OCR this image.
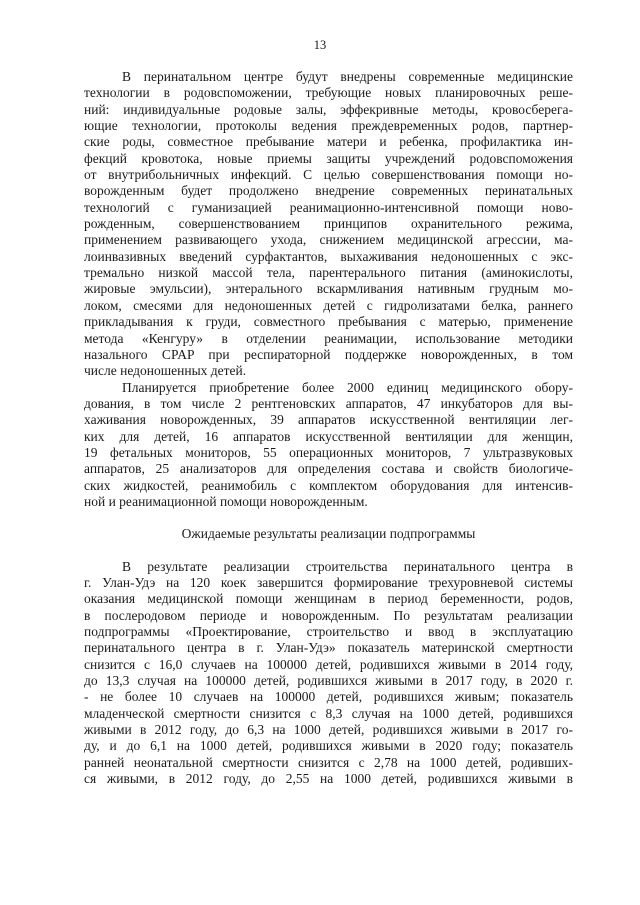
13
В перинатальном центре будут внедрены современные медицинские
технологии в родовспоможении, требующие новых планировочных реше-
ний: индивидуальные родовые залы, эффекривные методы, кровосберега-
ющие технологии, протоколы ведения преждевременных родов, партнер-
ские роды, совместное пребывание матери и ребенка, профилактика ин-
фекций кровотока, новые приемы защиты учреждений родовспоможения
от внутрибольничных инфекций. С целью совершенствования помощи но-
ворожденным будет продолжено внедрение современных перинатальных
технологий с гуманизацией реанимационно-интенсивной помощи ново-
рожденным, совершенствованием принципов охранительного режима,
применением развивающего ухода, снижением медицинской агрессии, ма-
лоинвазивных введений сурфактантов, выхаживания недоношенных с экс-
тремально низкой массой тела, парентерального питания (аминокислоты,
жировые эмульсии), энтерального вскармливания нативным грудным мо-
локом, смесями для недоношенных детей с гидролизатами белка, раннего
прикладывания к груди, совместного пребывания с матерью, применение
метода «Кенгуру» в отделении реанимации, использование методики
назального CPAP при респираторной поддержке новорожденных, в том
числе недоношенных детей.
Планируется приобретение более 2000 единиц медицинского обору-
дования, в том числе 2 рентгеновских аппаратов, 47 инкубаторов для вы-
хаживания новорожденных, 39 аппаратов искусственной вентиляции лег-
ких для детей, 16 аппаратов искусственной вентиляции для женщин,
19 фетальных мониторов, 55 операционных мониторов, 7 ультразвуковых
аппаратов, 25 анализаторов для определения состава и свойств биологиче-
ских жидкостей, реанимобиль с комплектом оборудования для интенсив-
ной и реанимационной помощи новорожденным.
Ожидаемые результаты реализации подпрограммы
В результате реализации строительства перинатального центра в
г. Улан-Удэ на 120 коек завершится формирование трехуровневой системы
оказания медицинской помощи женщинам в период беременности, родов,
в послеродовом периоде и новорожденным. По результатам реализации
подпрограммы «Проектирование, строительство и ввод в эксплуатацию
перинатального центра в г. Улан-Удэ» показатель материнской смертности
снизится с 16,0 случаев на 100000 детей, родившихся живыми в 2014 году,
до 13,3 случая на 100000 детей, родившихся живыми в 2017 году, в 2020 г.
- не более 10 случаев на 100000 детей, родившихся живым; показатель
младенческой смертности снизится с 8,3 случая на 1000 детей, родившихся
живыми в 2012 году, до 6,3 на 1000 детей, родившихся живыми в 2017 го-
ду, и до 6,1 на 1000 детей, родившихся живыми в 2020 году; показатель
ранней неонатальной смертности снизится с 2,78 на 1000 детей, родивших-
ся живыми, в 2012 году, до 2,55 на 1000 детей, родившихся живыми в
